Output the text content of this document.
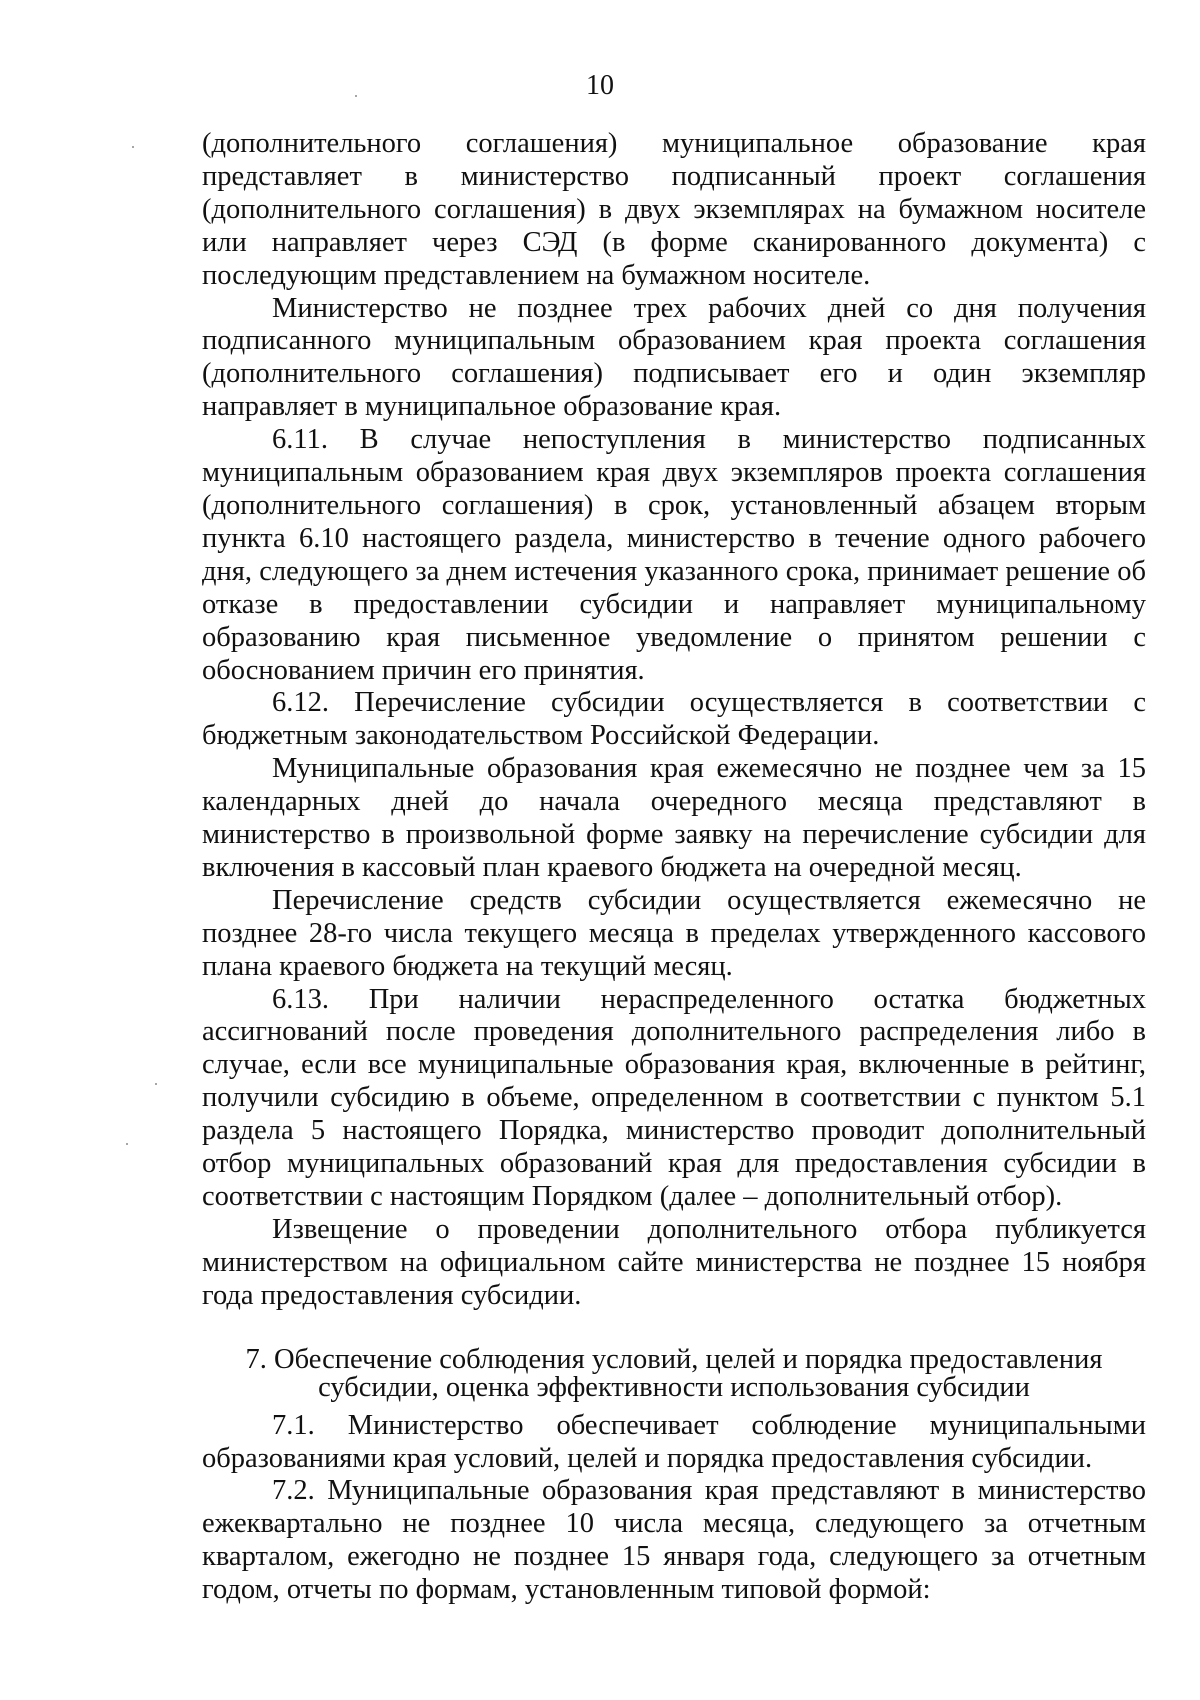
10

(дополнительного соглашения) муниципальное образование края представляет в министерство подписанный проект соглашения (дополнительного соглашения) в двух экземплярах на бумажном носителе или направляет через СЭД (в форме сканированного документа) с последующим представлением на бумажном носителе.

Министерство не позднее трех рабочих дней со дня получения подписанного муниципальным образованием края проекта соглашения (дополнительного соглашения) подписывает его и один экземпляр направляет в муниципальное образование края.

6.11. В случае непоступления в министерство подписанных муниципальным образованием края двух экземпляров проекта соглашения (дополнительного соглашения) в срок, установленный абзацем вторым пункта 6.10 настоящего раздела, министерство в течение одного рабочего дня, следующего за днем истечения указанного срока, принимает решение об отказе в предоставлении субсидии и направляет муниципальному образованию края письменное уведомление о принятом решении с обоснованием причин его принятия.

6.12. Перечисление субсидии осуществляется в соответствии с бюджетным законодательством Российской Федерации.

Муниципальные образования края ежемесячно не позднее чем за 15 календарных дней до начала очередного месяца представляют в министерство в произвольной форме заявку на перечисление субсидии для включения в кассовый план краевого бюджета на очередной месяц.

Перечисление средств субсидии осуществляется ежемесячно не позднее 28-го числа текущего месяца в пределах утвержденного кассового плана краевого бюджета на текущий месяц.

6.13. При наличии нераспределенного остатка бюджетных ассигнований после проведения дополнительного распределения либо в случае, если все муниципальные образования края, включенные в рейтинг, получили субсидию в объеме, определенном в соответствии с пунктом 5.1 раздела 5 настоящего Порядка, министерство проводит дополнительный отбор муниципальных образований края для предоставления субсидии в соответствии с настоящим Порядком (далее – дополнительный отбор).

Извещение о проведении дополнительного отбора публикуется министерством на официальном сайте министерства не позднее 15 ноября года предоставления субсидии.

7. Обеспечение соблюдения условий, целей и порядка предоставления субсидии, оценка эффективности использования субсидии

7.1. Министерство обеспечивает соблюдение муниципальными образованиями края условий, целей и порядка предоставления субсидии.

7.2. Муниципальные образования края представляют в министерство ежеквартально не позднее 10 числа месяца, следующего за отчетным кварталом, ежегодно не позднее 15 января года, следующего за отчетным годом, отчеты по формам, установленным типовой формой:
